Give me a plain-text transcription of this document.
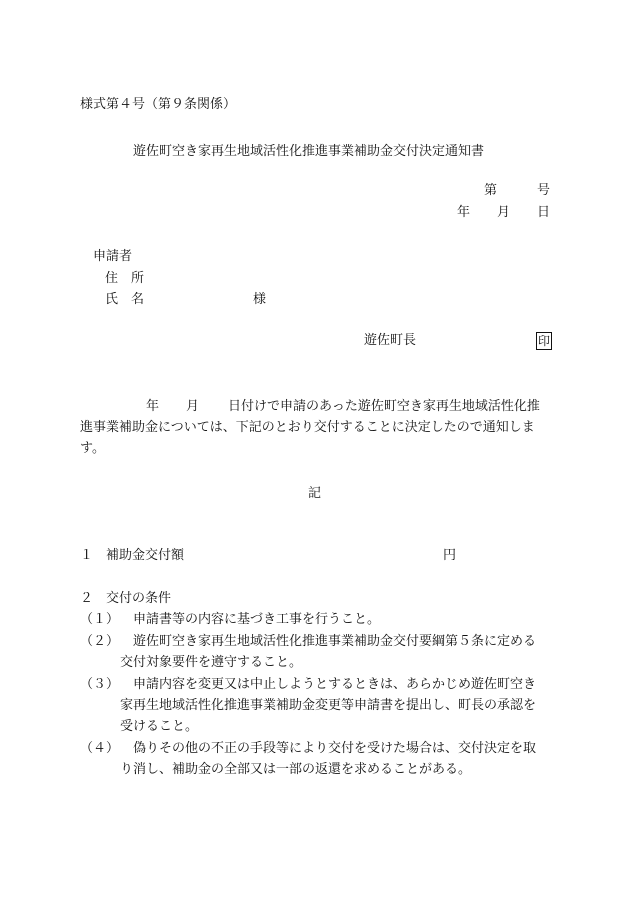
様式第４号（第９条関係）
遊佐町空き家再生地域活性化推進事業補助金交付決定通知書
第	号
年 月 日
申請者
住　所
氏　名	様
遊佐町長	印
年 月 日付けで申請のあった遊佐町空き家再生地域活性化推
進事業補助金については、下記のとおり交付することに決定したので通知しま
す。
記
１ 補助金交付額	円
２ 交付の条件
（１） 申請書等の内容に基づき工事を行うこと。
（２） 遊佐町空き家再生地域活性化推進事業補助金交付要綱第５条に定める
交付対象要件を遵守すること。
（３） 申請内容を変更又は中止しようとするときは、あらかじめ遊佐町空き
家再生地域活性化推進事業補助金変更等申請書を提出し、町長の承認を
受けること。
（４） 偽りその他の不正の手段等により交付を受けた場合は、交付決定を取
り消し、補助金の全部又は一部の返還を求めることがある。
